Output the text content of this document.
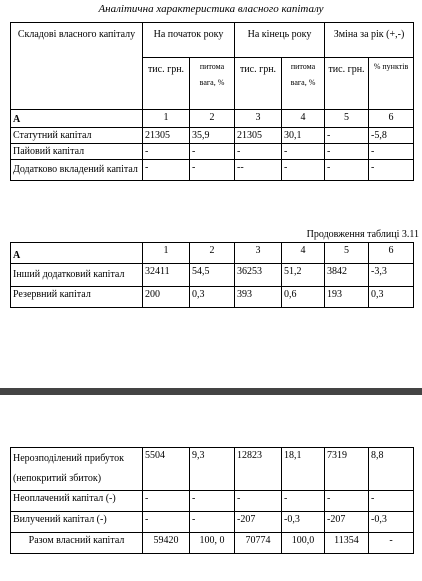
Аналітична характеристика власного капіталу
Складові власного капіталу	На початок року		На кінець року		Зміна за рік (+,-)	
	тис. грн.	питома вага, %	тис. грн.	питома вага, %	тис. грн.	% пунктів
А	1	2	3	4	5	6
Статутний капітал	21305	35,9	21305	30,1	-	-5,8
Пайовий капітал	-	-	-	-	-	-
Додатково вкладений капітал	-	-	--	-	-	-
Продовження таблиці 3.11
А	1	2	3	4	5	6
Інший додатковий капітал	32411	54,5	36253	51,2	3842	-3,3
Резервний капітал	200	0,3	393	0,6	193	0,3
Нерозподілений прибуток (непокритий збиток)	5504	9,3	12823	18,1	7319	8,8
Неоплачений капітал (-)	-	-	-	-	-	-
Вилучений капітал (-)	-	-	-207	-0,3	-207	-0,3
Разом власний капітал	59420	100, 0	70774	100,0	11354	-
